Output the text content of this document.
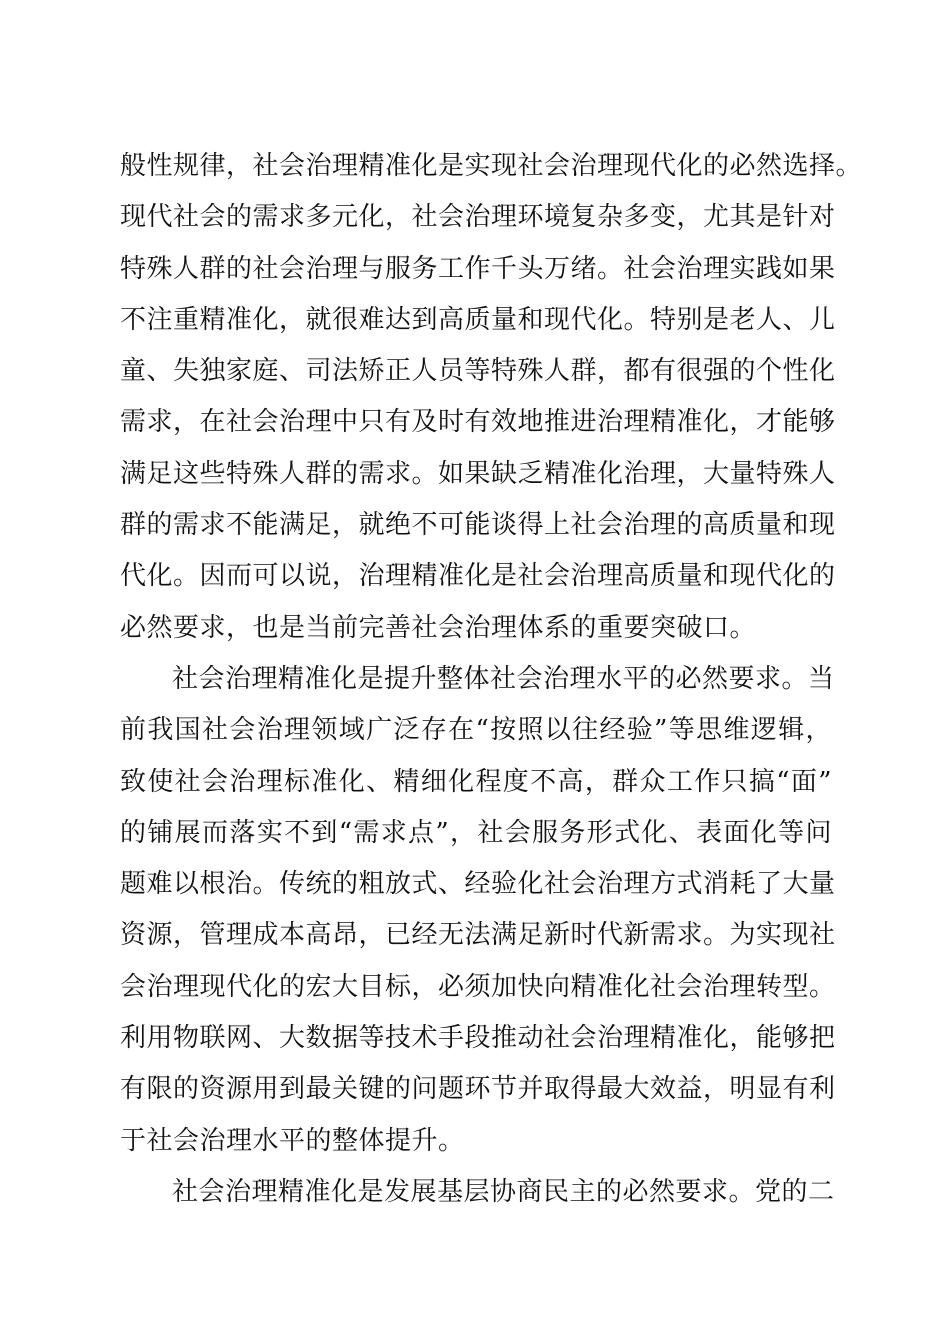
般性规律，社会治理精准化是实现社会治理现代化的必然选择。
现代社会的需求多元化，社会治理环境复杂多变，尤其是针对
特殊人群的社会治理与服务工作千头万绪。社会治理实践如果
不注重精准化，就很难达到高质量和现代化。特别是老人、儿
童、失独家庭、司法矫正人员等特殊人群，都有很强的个性化
需求，在社会治理中只有及时有效地推进治理精准化，才能够
满足这些特殊人群的需求。如果缺乏精准化治理，大量特殊人
群的需求不能满足，就绝不可能谈得上社会治理的高质量和现
代化。因而可以说，治理精准化是社会治理高质量和现代化的
必然要求，也是当前完善社会治理体系的重要突破口。
社会治理精准化是提升整体社会治理水平的必然要求。当
前我国社会治理领域广泛存在“按照以往经验”等思维逻辑，
致使社会治理标准化、精细化程度不高，群众工作只搞“面”
的铺展而落实不到“需求点”，社会服务形式化、表面化等问
题难以根治。传统的粗放式、经验化社会治理方式消耗了大量
资源，管理成本高昂，已经无法满足新时代新需求。为实现社
会治理现代化的宏大目标，必须加快向精准化社会治理转型。
利用物联网、大数据等技术手段推动社会治理精准化，能够把
有限的资源用到最关键的问题环节并取得最大效益，明显有利
于社会治理水平的整体提升。
社会治理精准化是发展基层协商民主的必然要求。党的二
